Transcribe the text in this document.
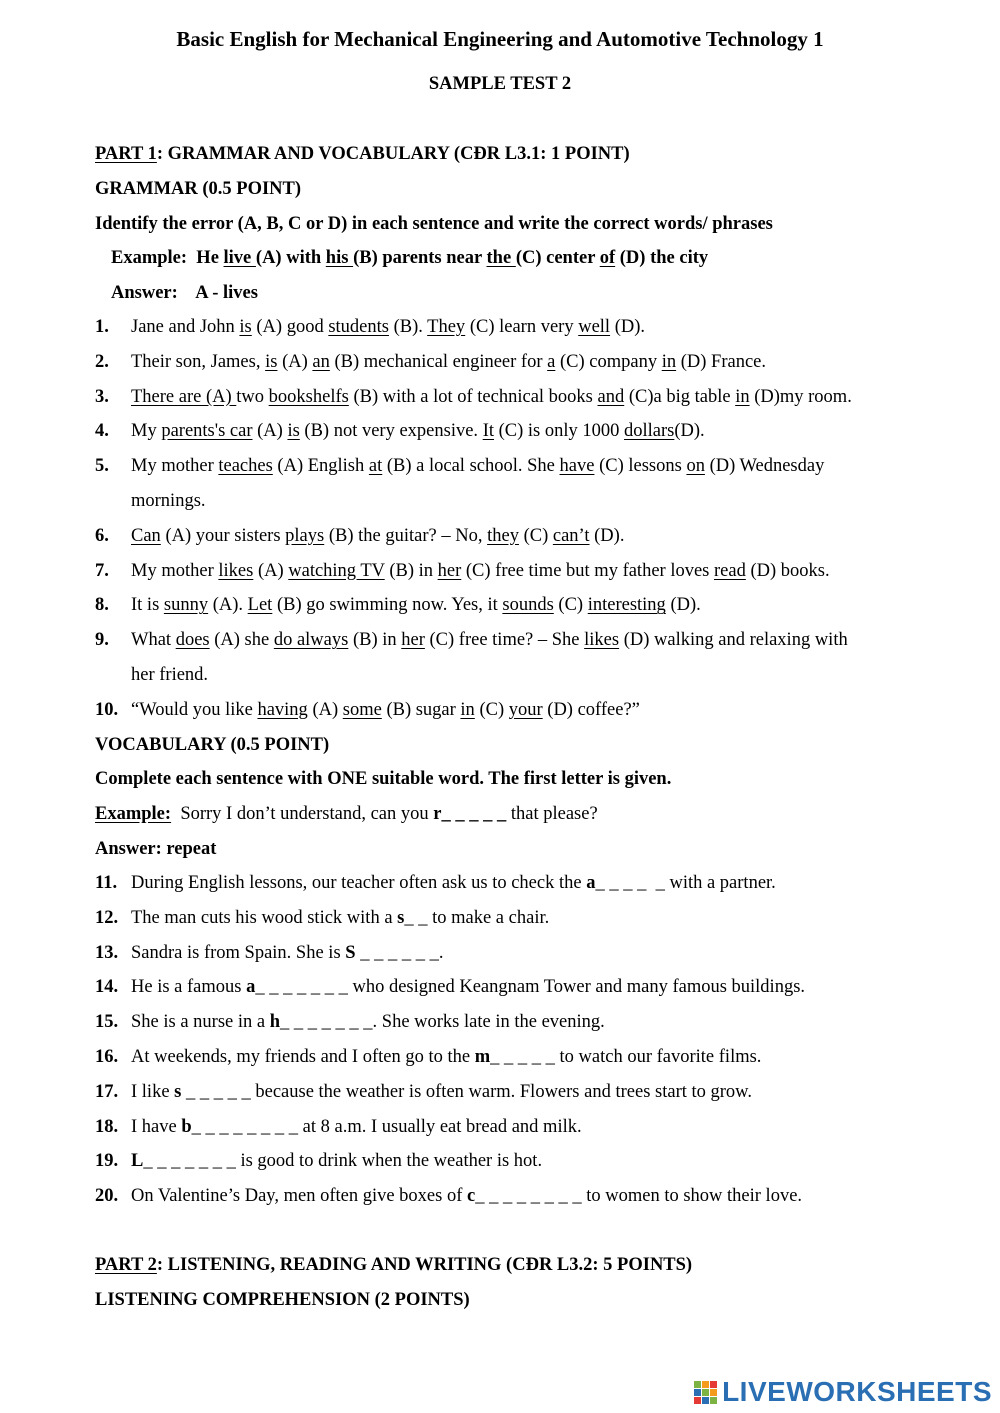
Basic English for Mechanical Engineering and Automotive Technology 1
SAMPLE TEST 2
PART 1: GRAMMAR AND VOCABULARY (CĐR L3.1: 1 POINT)
GRAMMAR (0.5 POINT)
Identify the error (A, B, C or D) in each sentence and write the correct words/ phrases
Example:  He live (A) with his (B) parents near the (C) center of (D) the city
Answer:    A - lives
1. Jane and John is (A) good students (B). They (C) learn very well (D).
2. Their son, James, is (A) an (B) mechanical engineer for a (C) company in (D) France.
3. There are (A) two bookshelfs (B) with a lot of technical books and (C)a big table in (D)my room.
4. My parents's car (A) is (B) not very expensive. It (C) is only 1000 dollars(D).
5. My mother teaches (A) English at (B) a local school. She have (C) lessons on (D) Wednesday
mornings.
6. Can (A) your sisters plays (B) the guitar? – No, they (C) can’t (D).
7. My mother likes (A) watching TV (B) in her (C) free time but my father loves read (D) books.
8. It is sunny (A). Let (B) go swimming now. Yes, it sounds (C) interesting (D).
9. What does (A) she do always (B) in her (C) free time? – She likes (D) walking and relaxing with
her friend.
10. “Would you like having (A) some (B) sugar in (C) your (D) coffee?”
VOCABULARY (0.5 POINT)
Complete each sentence with ONE suitable word. The first letter is given.
Example:  Sorry I don’t understand, can you r_ _ _ _ _ that please?
Answer: repeat
11. During English lessons, our teacher often ask us to check the a_ _ _ _  _ with a partner.
12. The man cuts his wood stick with a s_ _ to make a chair.
13. Sandra is from Spain. She is S _ _ _ _ _ _.
14. He is a famous a_ _ _ _ _ _ _ who designed Keangnam Tower and many famous buildings.
15. She is a nurse in a h_ _ _ _ _ _ _. She works late in the evening.
16. At weekends, my friends and I often go to the m_ _ _ _ _ to watch our favorite films.
17. I like s _ _ _ _ _ because the weather is often warm. Flowers and trees start to grow.
18. I have b_ _ _ _ _ _ _ _ at 8 a.m. I usually eat bread and milk.
19. L_ _ _ _ _ _ _ is good to drink when the weather is hot.
20. On Valentine’s Day, men often give boxes of c_ _ _ _ _ _ _ _ to women to show their love.
PART 2: LISTENING, READING AND WRITING (CĐR L3.2: 5 POINTS)
LISTENING COMPREHENSION (2 POINTS)
LIVEWORKSHEETS
